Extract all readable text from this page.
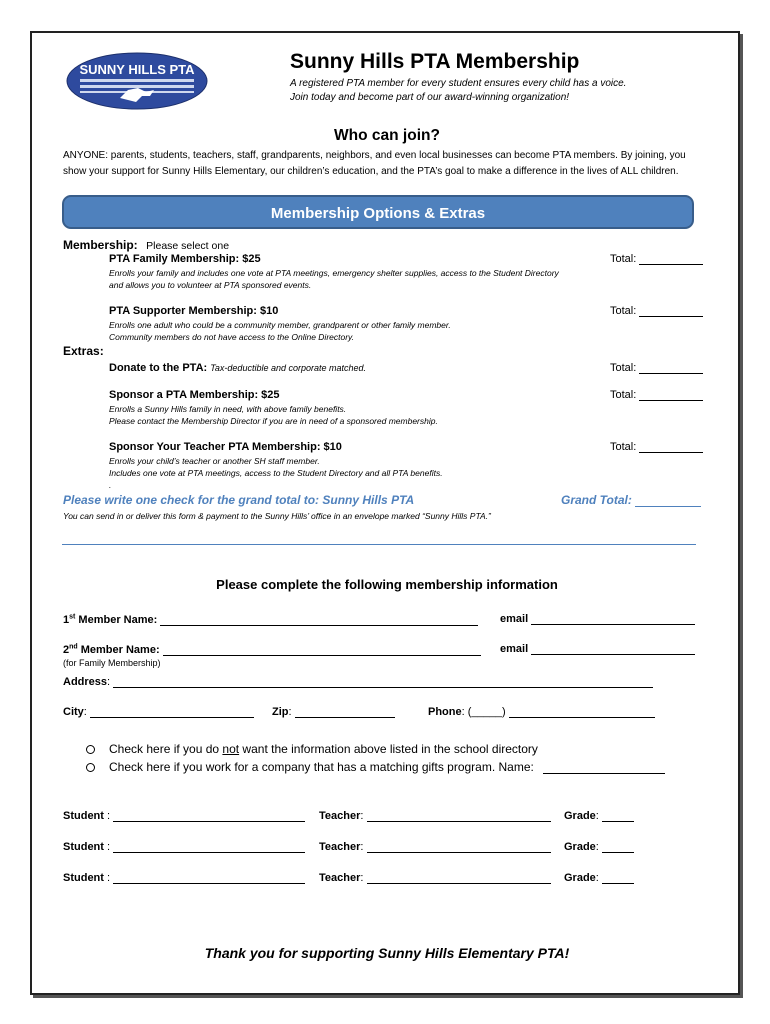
SUNNY HILLS PTA	Sunny Hills PTA Membership
A registered PTA member for every student ensures every child has a voice.
Join today and become part of our award-winning organization!
Who can join?
ANYONE: parents, students, teachers, staff, grandparents, neighbors, and even local businesses can become PTA members. By joining, you
show your support for Sunny Hills Elementary, our children’s education, and the PTA’s goal to make a difference in the lives of ALL children.
Membership Options & Extras
Membership: Please select one
PTA Family Membership: $25	Total:
Enrolls your family and includes one vote at PTA meetings, emergency shelter supplies, access to the Student Directory
and allows you to volunteer at PTA sponsored events.
PTA Supporter Membership: $10	Total:
Enrolls one adult who could be a community member, grandparent or other family member.
Community members do not have access to the Online Directory.
Extras:
Donate to the PTA: Tax-deductible and corporate matched.	Total:
Sponsor a PTA Membership: $25	Total:
Enrolls a Sunny Hills family in need, with above family benefits.
Please contact the Membership Director if you are in need of a sponsored membership.
Sponsor Your Teacher PTA Membership: $10	Total:
Enrolls your child’s teacher or another SH staff member.
Includes one vote at PTA meetings, access to the Student Directory and all PTA benefits.
.
Please write one check for the grand total to: Sunny Hills PTA	Grand Total:
You can send in or deliver this form & payment to the Sunny Hills’ office in an envelope marked “Sunny Hills PTA.”
Please complete the following membership information
1st Member Name:	email
2nd Member Name:	email
(for Family Membership)
Address:
City:	Zip:	Phone: (_____)
Check here if you do not want the information above listed in the school directory
Check here if you work for a company that has a matching gifts program. Name:
Student :	Teacher:	Grade:
Student :	Teacher:	Grade:
Student :	Teacher:	Grade:
Thank you for supporting Sunny Hills Elementary PTA!
